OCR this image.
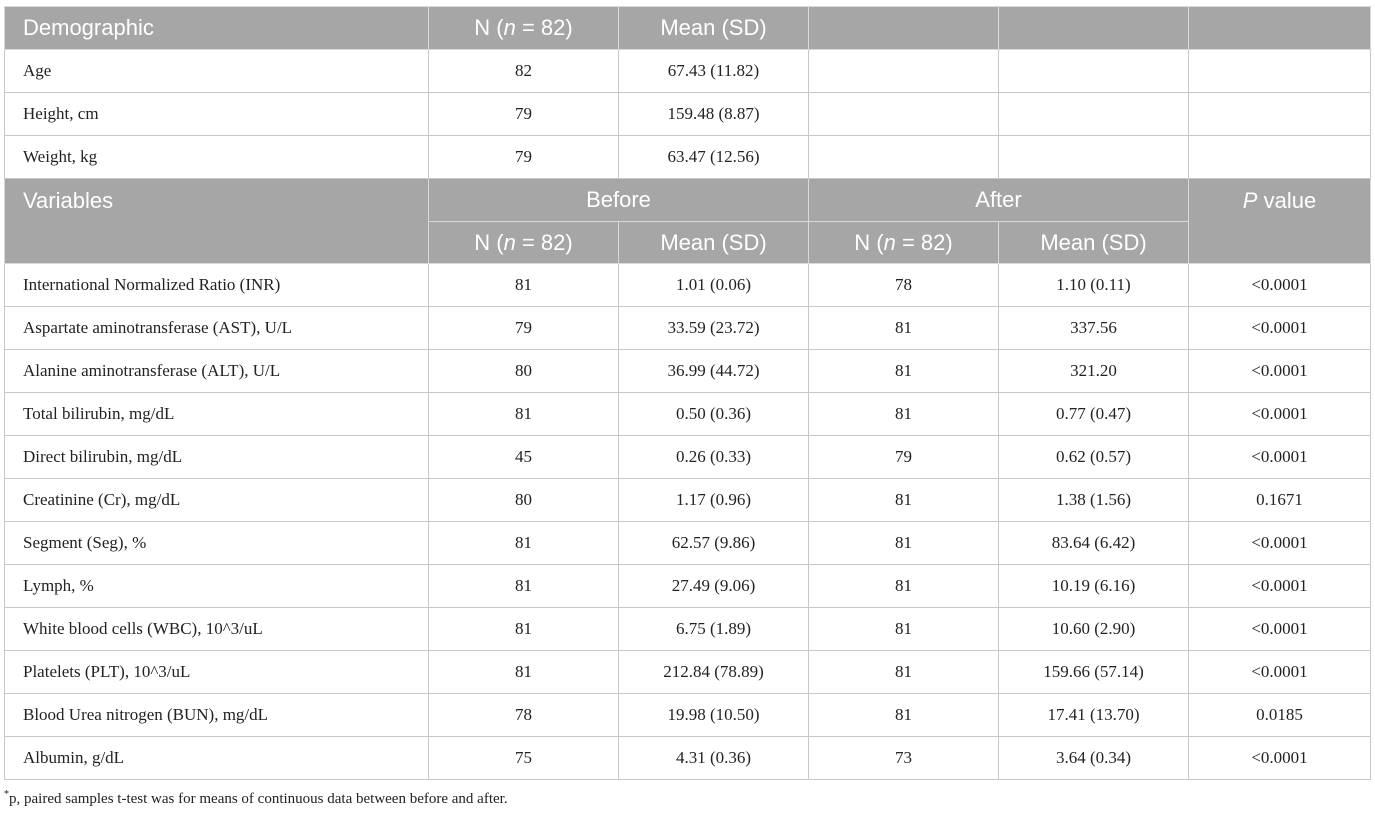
Demographic	N (n = 82)	Mean (SD)			
Age	82	67.43 (11.82)			
Height, cm	79	159.48 (8.87)			
Weight, kg	79	63.47 (12.56)			
Variables	Before		After		P value
	N (n = 82)	Mean (SD)	N (n = 82)	Mean (SD)	
International Normalized Ratio (INR)	81	1.01 (0.06)	78	1.10 (0.11)	<0.0001
Aspartate aminotransferase (AST), U/L	79	33.59 (23.72)	81	337.56	<0.0001
Alanine aminotransferase (ALT), U/L	80	36.99 (44.72)	81	321.20	<0.0001
Total bilirubin, mg/dL	81	0.50 (0.36)	81	0.77 (0.47)	<0.0001
Direct bilirubin, mg/dL	45	0.26 (0.33)	79	0.62 (0.57)	<0.0001
Creatinine (Cr), mg/dL	80	1.17 (0.96)	81	1.38 (1.56)	0.1671
Segment (Seg), %	81	62.57 (9.86)	81	83.64 (6.42)	<0.0001
Lymph, %	81	27.49 (9.06)	81	10.19 (6.16)	<0.0001
White blood cells (WBC), 10^3/uL	81	6.75 (1.89)	81	10.60 (2.90)	<0.0001
Platelets (PLT), 10^3/uL	81	212.84 (78.89)	81	159.66 (57.14)	<0.0001
Blood Urea nitrogen (BUN), mg/dL	78	19.98 (10.50)	81	17.41 (13.70)	0.0185
Albumin, g/dL	75	4.31 (0.36)	73	3.64 (0.34)	<0.0001
*p, paired samples t-test was for means of continuous data between before and after.
